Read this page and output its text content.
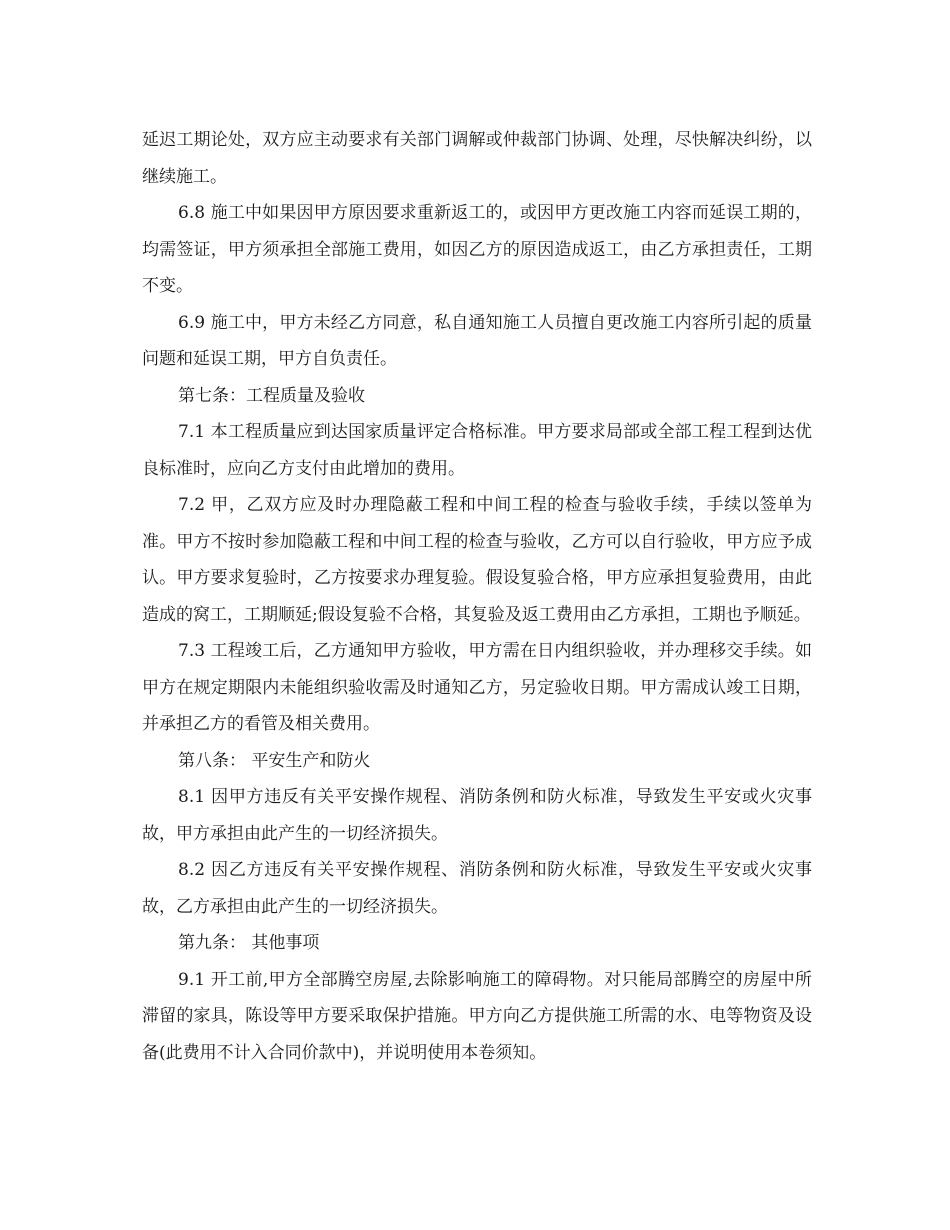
延迟工期论处，双方应主动要求有关部门调解或仲裁部门协调、处理，尽快解决纠纷，以继续施工。

6.8 施工中如果因甲方原因要求重新返工的，或因甲方更改施工内容而延误工期的，均需签证，甲方须承担全部施工费用，如因乙方的原因造成返工，由乙方承担责任，工期不变。

6.9 施工中，甲方未经乙方同意，私自通知施工人员擅自更改施工内容所引起的质量问题和延误工期，甲方自负责任。

第七条：工程质量及验收

7.1 本工程质量应到达国家质量评定合格标准。甲方要求局部或全部工程工程到达优良标准时，应向乙方支付由此增加的费用。

7.2 甲，乙双方应及时办理隐蔽工程和中间工程的检查与验收手续，手续以签单为准。甲方不按时参加隐蔽工程和中间工程的检查与验收，乙方可以自行验收，甲方应予成认。甲方要求复验时，乙方按要求办理复验。假设复验合格，甲方应承担复验费用，由此造成的窝工，工期顺延;假设复验不合格，其复验及返工费用由乙方承担，工期也予顺延。

7.3 工程竣工后，乙方通知甲方验收，甲方需在日内组织验收，并办理移交手续。如甲方在规定期限内未能组织验收需及时通知乙方，另定验收日期。甲方需成认竣工日期，并承担乙方的看管及相关费用。

第八条： 平安生产和防火

8.1 因甲方违反有关平安操作规程、消防条例和防火标准，导致发生平安或火灾事故，甲方承担由此产生的一切经济损失。

8.2 因乙方违反有关平安操作规程、消防条例和防火标准，导致发生平安或火灾事故，乙方承担由此产生的一切经济损失。

第九条： 其他事项

9.1 开工前,甲方全部腾空房屋,去除影响施工的障碍物。对只能局部腾空的房屋中所滞留的家具，陈设等甲方要采取保护措施。甲方向乙方提供施工所需的水、电等物资及设备(此费用不计入合同价款中)，并说明使用本卷须知。
